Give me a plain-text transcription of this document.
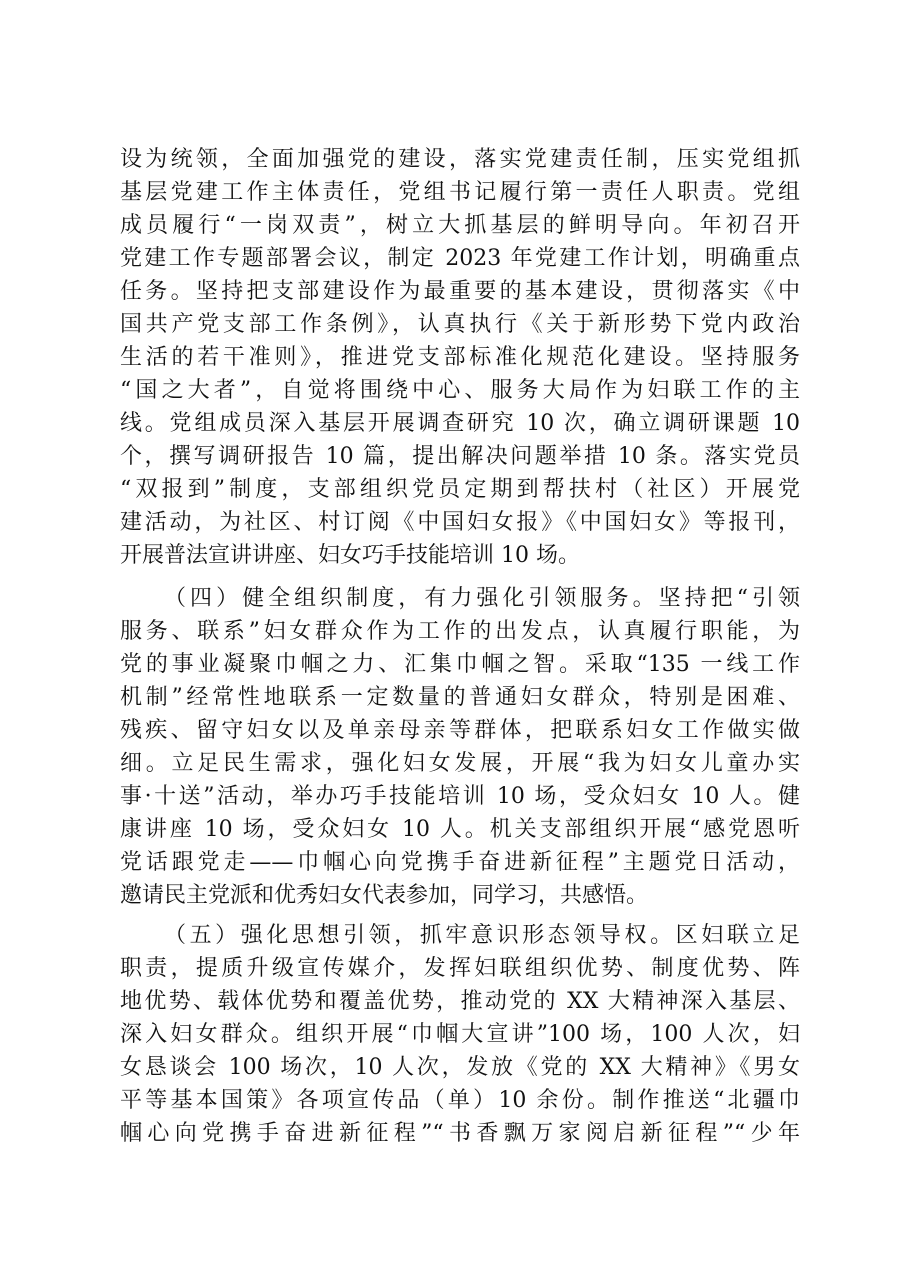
设为统领，全面加强党的建设，落实党建责任制，压实党组抓
基层党建工作主体责任，党组书记履行第一责任人职责。党组
成员履行“一岗双责”，树立大抓基层的鲜明导向。年初召开
党建工作专题部署会议，制定 2023 年党建工作计划，明确重点
任务。坚持把支部建设作为最重要的基本建设，贯彻落实《中
国共产党支部工作条例》，认真执行《关于新形势下党内政治
生活的若干准则》，推进党支部标准化规范化建设。坚持服务
“国之大者”，自觉将围绕中心、服务大局作为妇联工作的主
线。党组成员深入基层开展调查研究 10 次，确立调研课题 10
个，撰写调研报告 10 篇，提出解决问题举措 10 条。落实党员
“双报到”制度，支部组织党员定期到帮扶村（社区）开展党
建活动，为社区、村订阅《中国妇女报》《中国妇女》等报刊，
开展普法宣讲讲座、妇女巧手技能培训 10 场。
（四）健全组织制度，有力强化引领服务。坚持把“引领
服务、联系”妇女群众作为工作的出发点，认真履行职能，为
党的事业凝聚巾帼之力、汇集巾帼之智。采取“135 一线工作
机制”经常性地联系一定数量的普通妇女群众，特别是困难、
残疾、留守妇女以及单亲母亲等群体，把联系妇女工作做实做
细。立足民生需求，强化妇女发展，开展“我为妇女儿童办实
事·十送”活动，举办巧手技能培训 10 场，受众妇女 10 人。健
康讲座 10 场，受众妇女 10 人。机关支部组织开展“感党恩听
党话跟党走——巾帼心向党携手奋进新征程”主题党日活动，
邀请民主党派和优秀妇女代表参加，同学习，共感悟。
（五）强化思想引领，抓牢意识形态领导权。区妇联立足
职责，提质升级宣传媒介，发挥妇联组织优势、制度优势、阵
地优势、载体优势和覆盖优势，推动党的 XX 大精神深入基层、
深入妇女群众。组织开展“巾帼大宣讲”100 场，100 人次，妇
女恳谈会 100 场次，10 人次，发放《党的 XX 大精神》《男女
平等基本国策》各项宣传品（单）10 余份。制作推送“北疆巾
帼心向党携手奋进新征程”“书香飘万家阅启新征程”“少年
